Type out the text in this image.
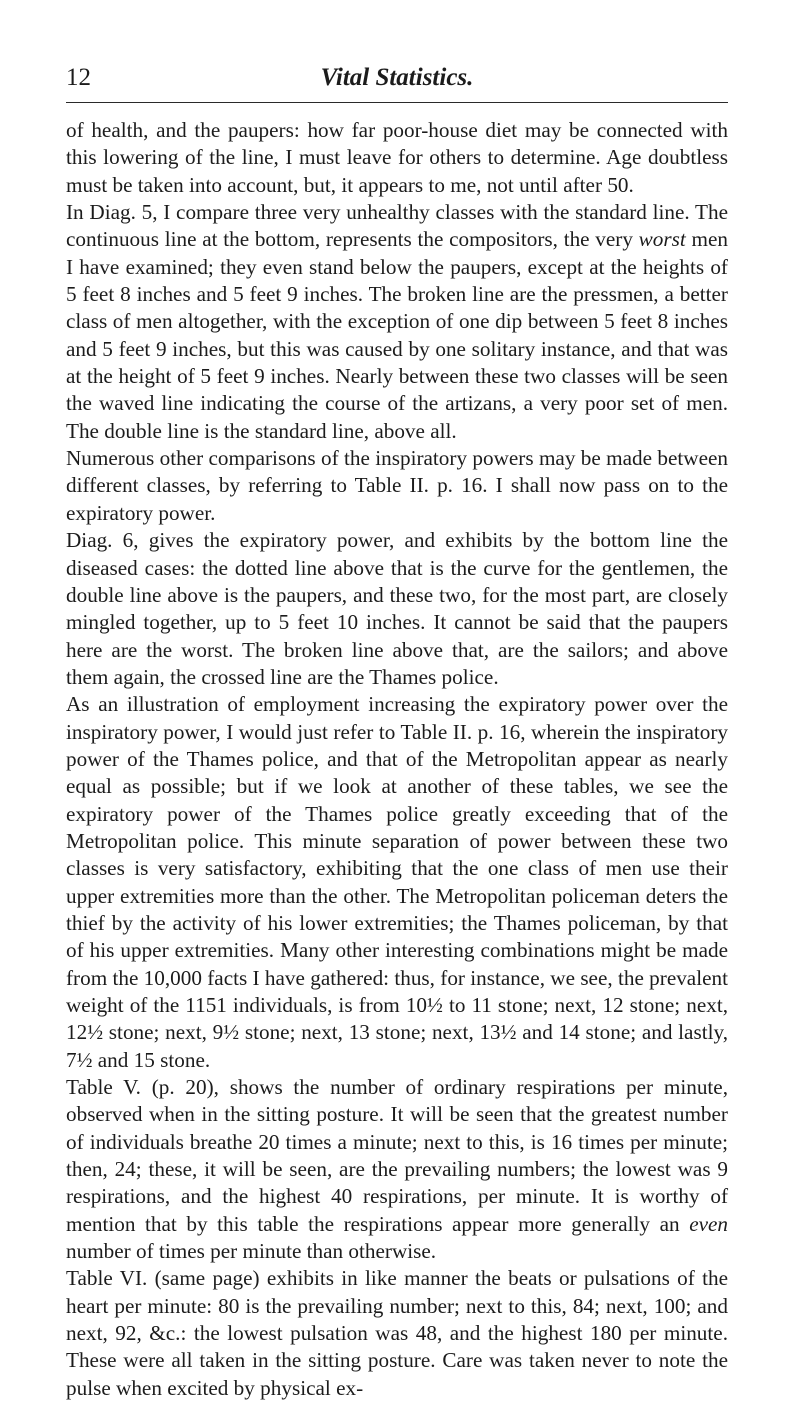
12	Vital Statistics.

of health, and the paupers: how far poor-house diet may be connected with this lowering of the line, I must leave for others to determine. Age doubtless must be taken into account, but, it appears to me, not until after 50.

In Diag. 5, I compare three very unhealthy classes with the standard line. The continuous line at the bottom, represents the compositors, the very worst men I have examined; they even stand below the paupers, except at the heights of 5 feet 8 inches and 5 feet 9 inches. The broken line are the pressmen, a better class of men altogether, with the exception of one dip between 5 feet 8 inches and 5 feet 9 inches, but this was caused by one solitary instance, and that was at the height of 5 feet 9 inches. Nearly between these two classes will be seen the waved line indicating the course of the artizans, a very poor set of men. The double line is the standard line, above all.

Numerous other comparisons of the inspiratory powers may be made between different classes, by referring to Table II. p. 16. I shall now pass on to the expiratory power.

Diag. 6, gives the expiratory power, and exhibits by the bottom line the diseased cases: the dotted line above that is the curve for the gentlemen, the double line above is the paupers, and these two, for the most part, are closely mingled together, up to 5 feet 10 inches. It cannot be said that the paupers here are the worst. The broken line above that, are the sailors; and above them again, the crossed line are the Thames police.

As an illustration of employment increasing the expiratory power over the inspiratory power, I would just refer to Table II. p. 16, wherein the inspiratory power of the Thames police, and that of the Metropolitan appear as nearly equal as possible; but if we look at another of these tables, we see the expiratory power of the Thames police greatly exceeding that of the Metropolitan police. This minute separation of power between these two classes is very satisfactory, exhibiting that the one class of men use their upper extremities more than the other. The Metropolitan policeman deters the thief by the activity of his lower extremities; the Thames policeman, by that of his upper extremities. Many other interesting combinations might be made from the 10,000 facts I have gathered: thus, for instance, we see, the prevalent weight of the 1151 individuals, is from 10½ to 11 stone; next, 12 stone; next, 12½ stone; next, 9½ stone; next, 13 stone; next, 13½ and 14 stone; and lastly, 7½ and 15 stone.

Table V. (p. 20), shows the number of ordinary respirations per minute, observed when in the sitting posture. It will be seen that the greatest number of individuals breathe 20 times a minute; next to this, is 16 times per minute; then, 24; these, it will be seen, are the prevailing numbers; the lowest was 9 respirations, and the highest 40 respirations, per minute. It is worthy of mention that by this table the respirations appear more generally an even number of times per minute than otherwise.

Table VI. (same page) exhibits in like manner the beats or pulsations of the heart per minute: 80 is the prevailing number; next to this, 84; next, 100; and next, 92, &c.: the lowest pulsation was 48, and the highest 180 per minute. These were all taken in the sitting posture. Care was taken never to note the pulse when excited by physical ex-
